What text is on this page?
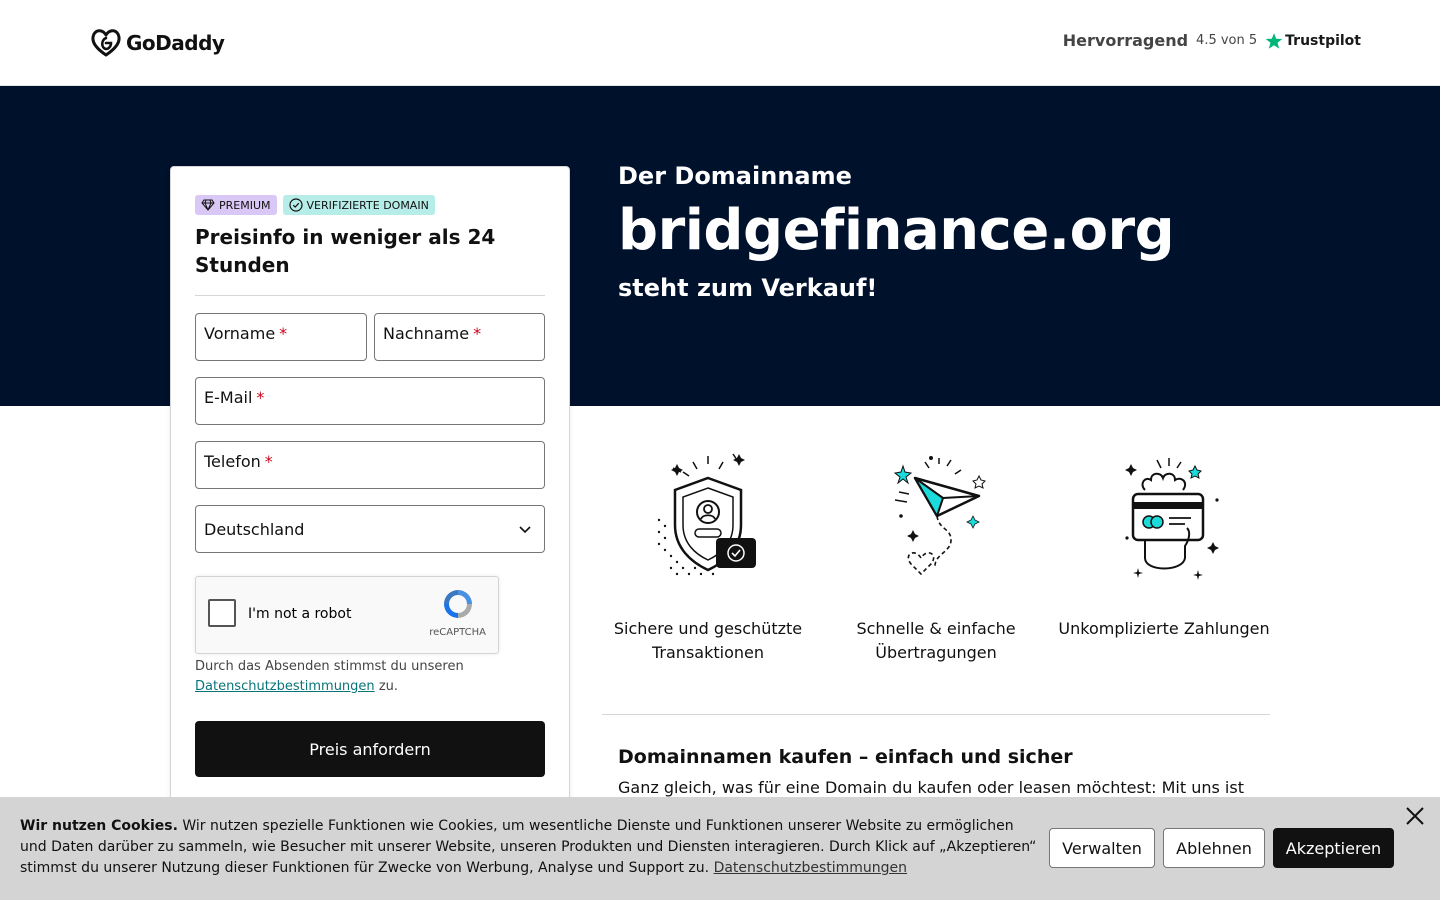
GoDaddy	Hervorragend 4.5 von 5 Trustpilot
Der Domainname
bridgefinance.org
steht zum Verkauf!
PREMIUM	VERIFIZIERTE DOMAIN
Preisinfo in weniger als 24 Stunden
Vorname *	Nachname *
E-Mail *
Telefon *
Deutschland
I'm not a robot
reCAPTCHA
Durch das Absenden stimmst du unseren Datenschutzbestimmungen zu.
Preis anfordern
Sichere und geschützte Transaktionen
Schnelle & einfache Übertragungen
Unkomplizierte Zahlungen
Domainnamen kaufen – einfach und sicher
Ganz gleich, was für eine Domain du kaufen oder leasen möchtest: Mit uns ist
Wir nutzen Cookies. Wir nutzen spezielle Funktionen wie Cookies, um wesentliche Dienste und Funktionen unserer Website zu ermöglichen und Daten darüber zu sammeln, wie Besucher mit unserer Website, unseren Produkten und Diensten interagieren. Durch Klick auf „Akzeptieren“ stimmst du unserer Nutzung dieser Funktionen für Zwecke von Werbung, Analyse und Support zu. Datenschutzbestimmungen
Verwalten	Ablehnen	Akzeptieren
